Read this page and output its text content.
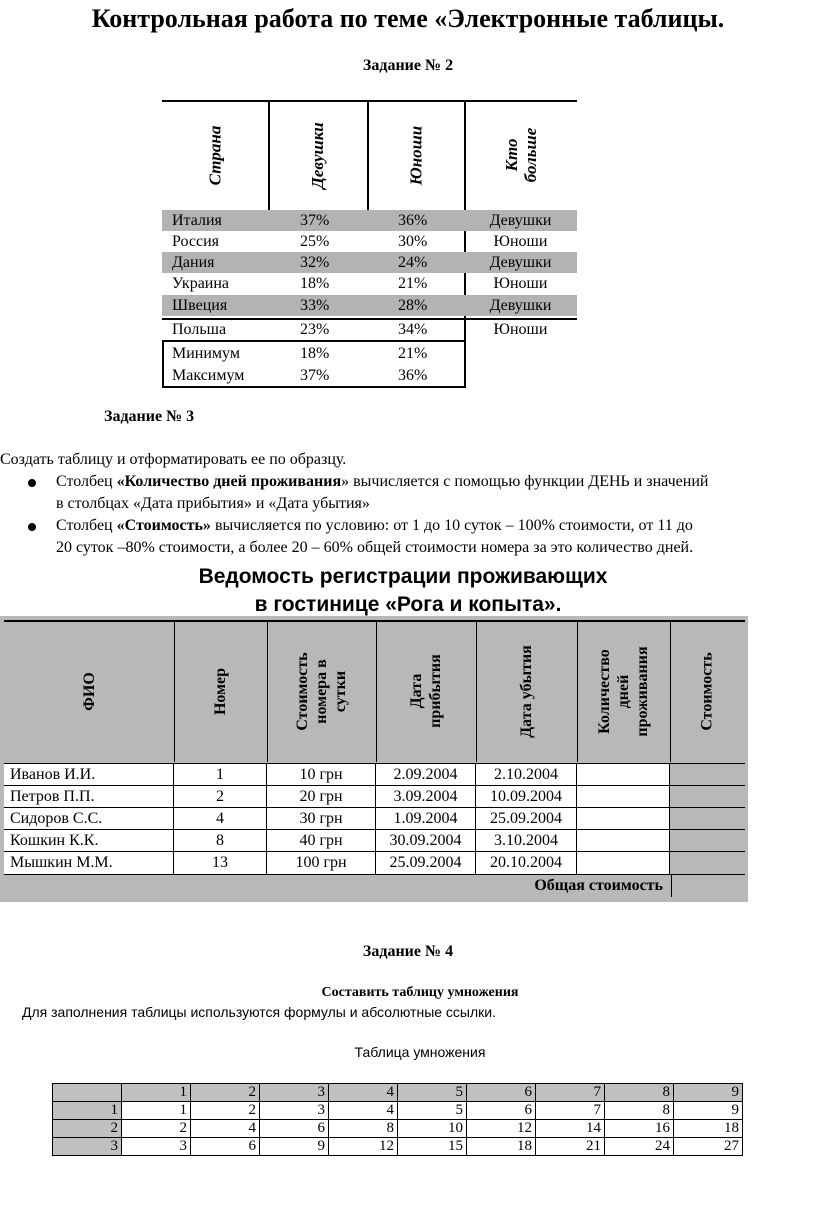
Контрольная работа по теме «Электронные таблицы.
Задание № 2
Страна	Девушки	Юноши	Кто больше
Италия	37%	36%	Девушки
Россия	25%	30%	Юноши
Дания	32%	24%	Девушки
Украина	18%	21%	Юноши
Швеция	33%	28%	Девушки
Польша	23%	34%	Юноши
Минимум	18%	21%
Максимум	37%	36%
Задание № 3
Создать таблицу и отформатировать ее по образцу.
Столбец «Количество дней проживания» вычисляется с помощью функции ДЕНЬ и значений
в столбцах «Дата прибытия» и «Дата убытия»
Столбец «Стоимость» вычисляется по условию: от 1 до 10 суток – 100% стоимости, от 11 до
20 суток –80% стоимости, а более 20 – 60% общей стоимости номера за это количество дней.
Ведомость регистрации проживающих
в гостинице «Рога и копыта».
ФИО	Номер	Стоимость номера в сутки	Дата прибытия	Дата убытия	Количество дней проживания	Стоимость
Иванов И.И.	1	10 грн	2.09.2004	2.10.2004
Петров П.П.	2	20 грн	3.09.2004	10.09.2004
Сидоров С.С.	4	30 грн	1.09.2004	25.09.2004
Кошкин К.К.	8	40 грн	30.09.2004	3.10.2004
Мышкин М.М.	13	100 грн	25.09.2004	20.10.2004
Общая стоимость
Задание № 4
Составить таблицу умножения
Для заполнения таблицы используются формулы и абсолютные ссылки.
Таблица умножения
	1	2	3	4	5	6	7	8	9
1	1	2	3	4	5	6	7	8	9
2	2	4	6	8	10	12	14	16	18
3	3	6	9	12	15	18	21	24	27
